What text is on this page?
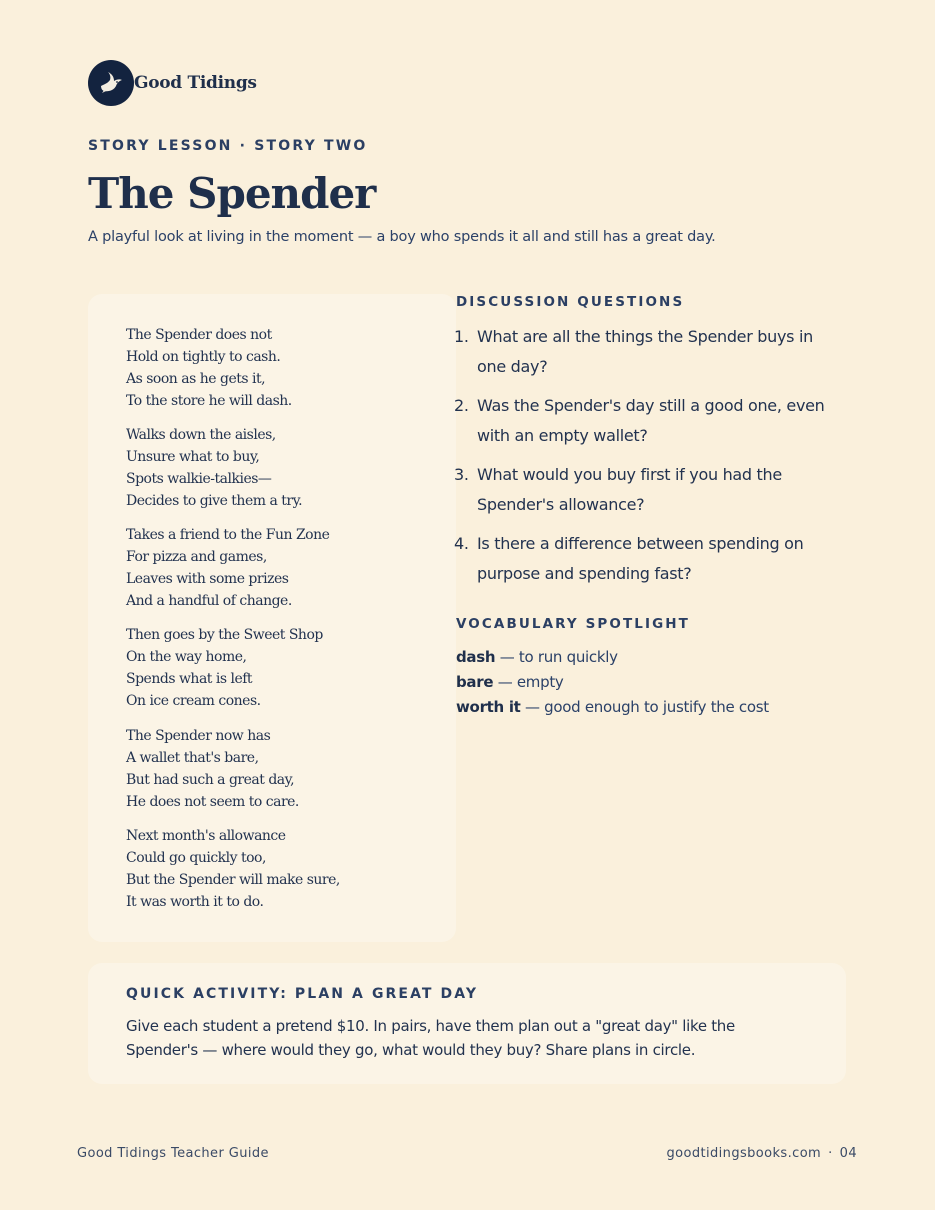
Good Tidings
STORY LESSON · STORY TWO
The Spender
A playful look at living in the moment — a boy who spends it all and still has a great day.
The Spender does not
Hold on tightly to cash.
As soon as he gets it,
To the store he will dash.
Walks down the aisles,
Unsure what to buy,
Spots walkie-talkies—
Decides to give them a try.
Takes a friend to the Fun Zone
For pizza and games,
Leaves with some prizes
And a handful of change.
Then goes by the Sweet Shop
On the way home,
Spends what is left
On ice cream cones.
The Spender now has
A wallet that's bare,
But had such a great day,
He does not seem to care.
Next month's allowance
Could go quickly too,
But the Spender will make sure,
It was worth it to do.
DISCUSSION QUESTIONS
1. What are all the things the Spender buys in one day?
2. Was the Spender's day still a good one, even with an empty wallet?
3. What would you buy first if you had the Spender's allowance?
4. Is there a difference between spending on purpose and spending fast?
VOCABULARY SPOTLIGHT
dash — to run quickly
bare — empty
worth it — good enough to justify the cost
QUICK ACTIVITY: PLAN A GREAT DAY
Give each student a pretend $10. In pairs, have them plan out a "great day" like the Spender's — where would they go, what would they buy? Share plans in circle.
Good Tidings Teacher Guide	goodtidingsbooks.com · 04
